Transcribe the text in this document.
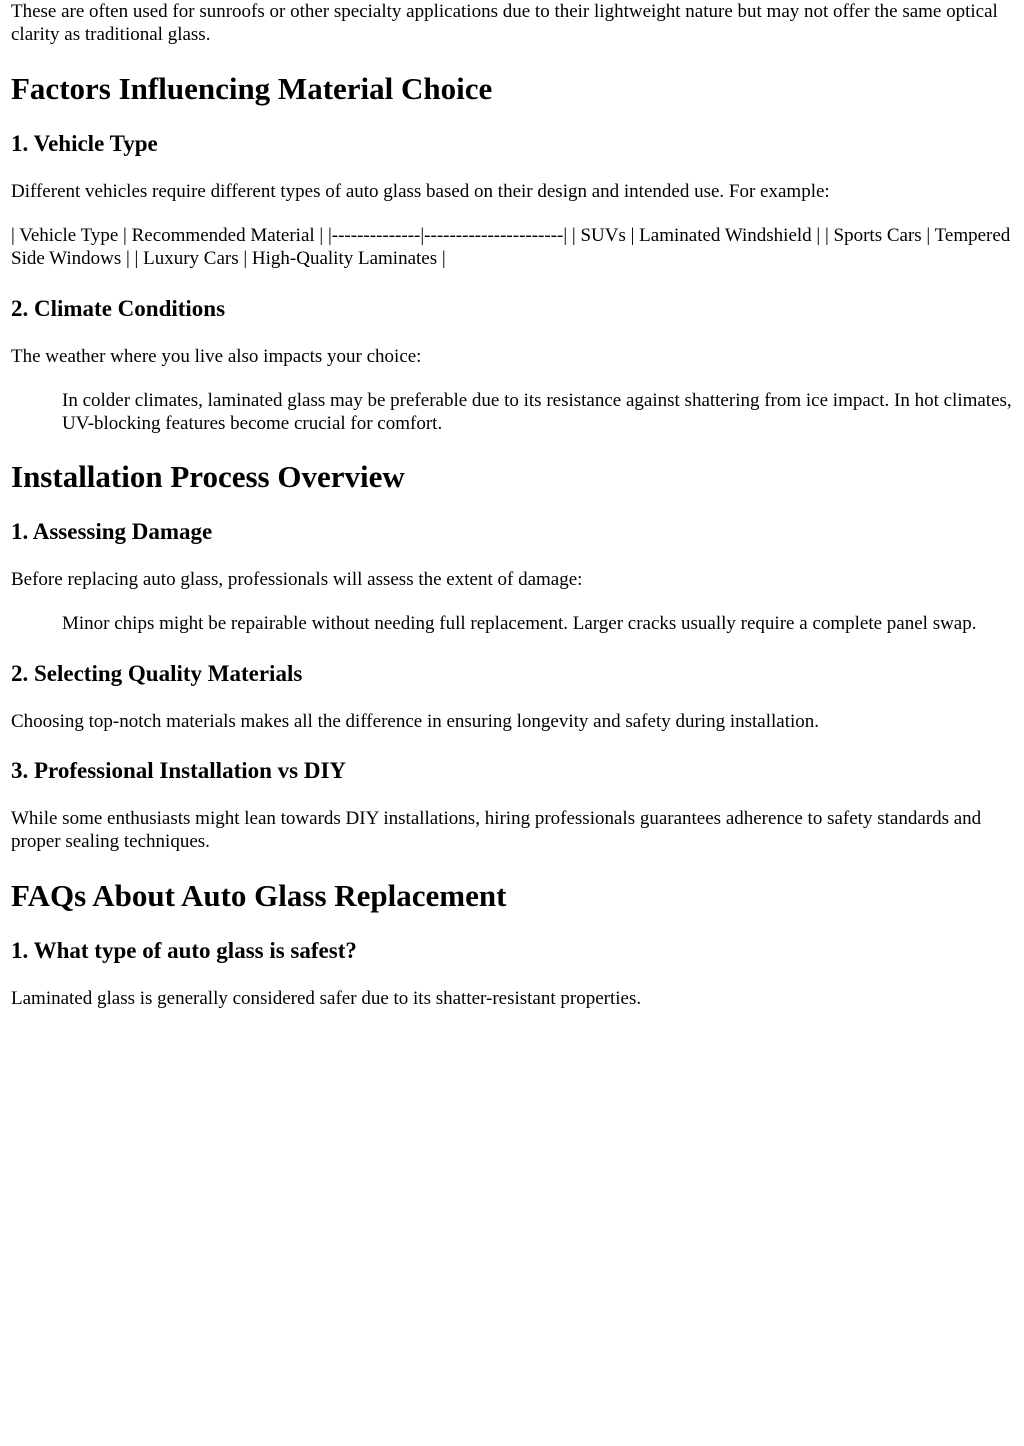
These are often used for sunroofs or other specialty applications due to their lightweight nature but may not offer the same optical clarity as traditional glass.

Factors Influencing Material Choice
1. Vehicle Type

Different vehicles require different types of auto glass based on their design and intended use. For example:

| Vehicle Type | Recommended Material | |--------------|----------------------| | SUVs | Laminated Windshield | | Sports Cars | Tempered Side Windows | | Luxury Cars | High-Quality Laminates |

2. Climate Conditions

The weather where you live also impacts your choice:

In colder climates, laminated glass may be preferable due to its resistance against shattering from ice impact. In hot climates, UV-blocking features become crucial for comfort.
Installation Process Overview
1. Assessing Damage

Before replacing auto glass, professionals will assess the extent of damage:

Minor chips might be repairable without needing full replacement. Larger cracks usually require a complete panel swap.
2. Selecting Quality Materials

Choosing top-notch materials makes all the difference in ensuring longevity and safety during installation.

3. Professional Installation vs DIY

While some enthusiasts might lean towards DIY installations, hiring professionals guarantees adherence to safety standards and proper sealing techniques.

FAQs About Auto Glass Replacement
1. What type of auto glass is safest?

Laminated glass is generally considered safer due to its shatter-resistant properties.
